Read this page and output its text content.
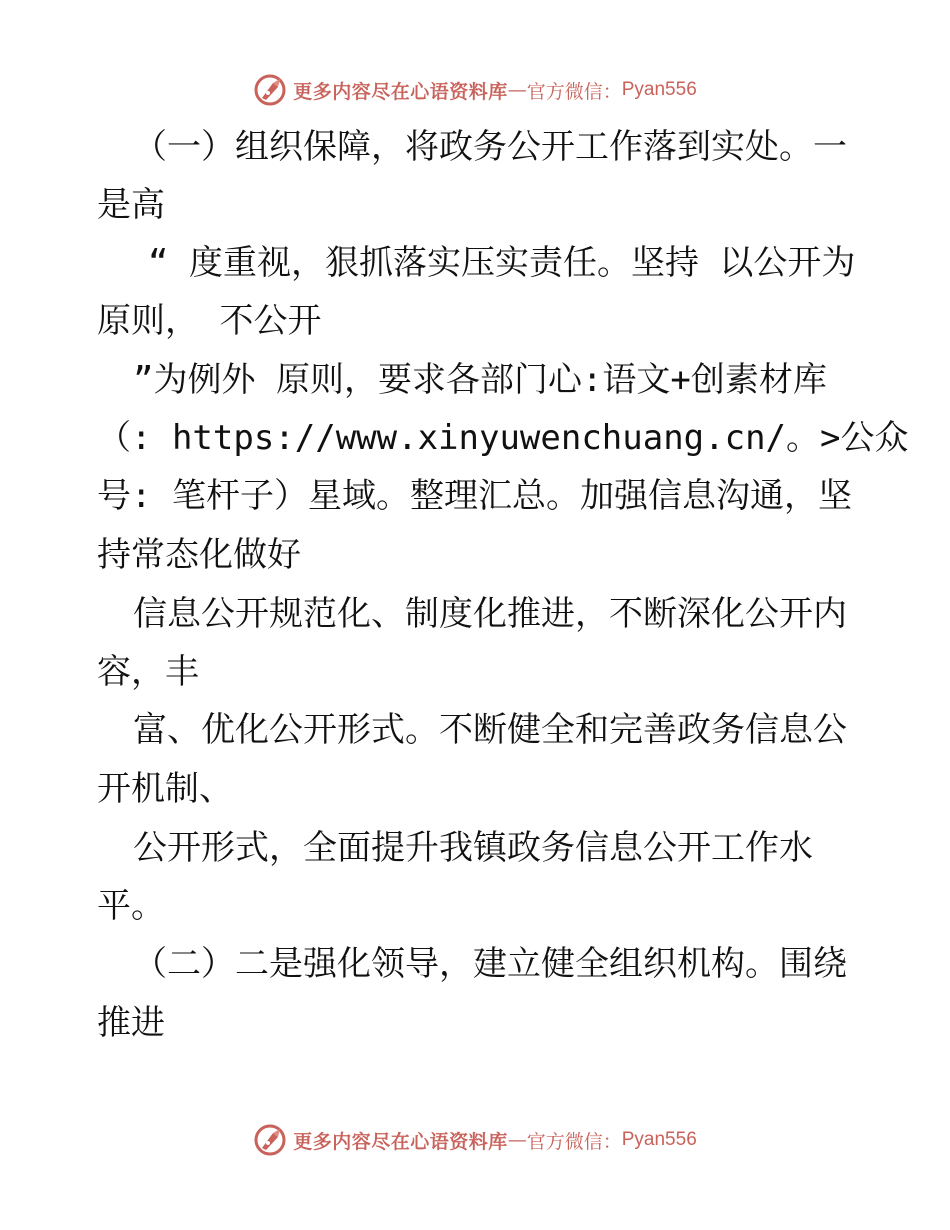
更多内容尽在心语资料库 — 官方微信： Pyan556
（一）组织保障，将政务公开工作落到实处。一
是高
“ 度重视，狠抓落实压实责任。坚持 以公开为
原则， 不公开
”为例外 原则，要求各部门心:语文+创素材库
（: https://www.xinyuwenchuang.cn/。>公众
号: 笔杆子）星域。整理汇总。加强信息沟通，坚
持常态化做好
信息公开规范化、制度化推进，不断深化公开内
容，丰
富、优化公开形式。不断健全和完善政务信息公
开机制、
公开形式，全面提升我镇政务信息公开工作水
平。
（二）二是强化领导，建立健全组织机构。围绕
推进
更多内容尽在心语资料库 — 官方微信： Pyan556
